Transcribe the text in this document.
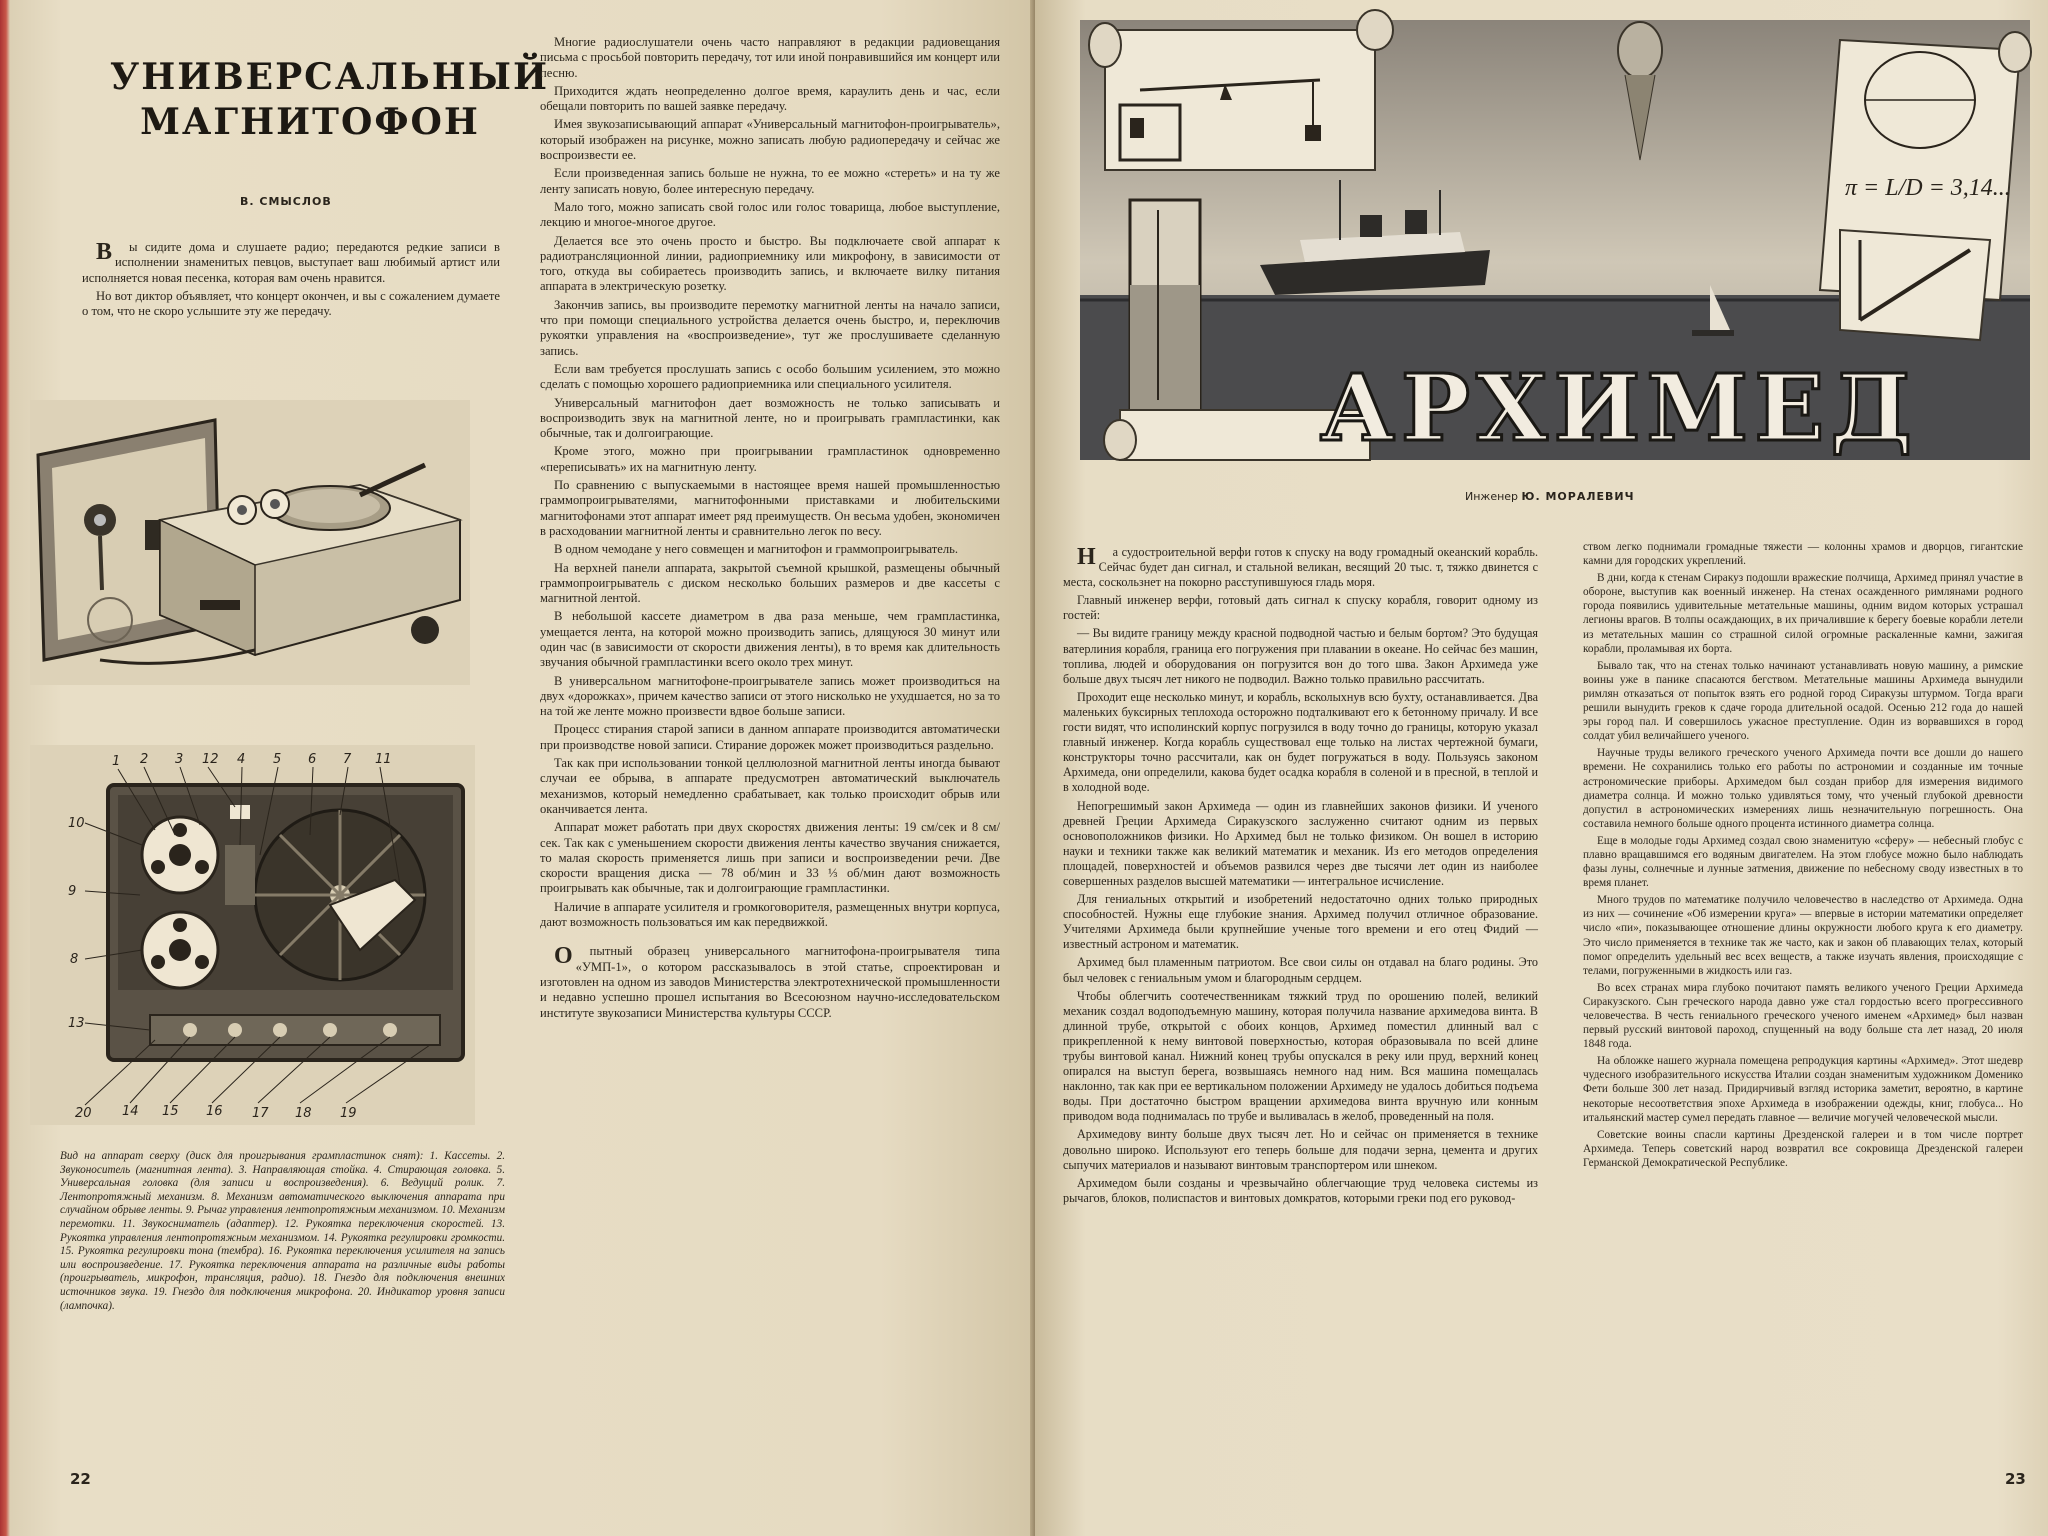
УНИВЕРСАЛЬНЫЙ
МАГНИТОФОН
В. СМЫСЛОВ

Вы сидите дома и слушаете радио; передаются редкие записи в исполнении знаменитых певцов, выступает ваш любимый артист или исполняется новая песенка, которая вам очень нравится.

Но вот диктор объявляет, что концерт окончен, и вы с сожалением думаете о том, что не скоро услышите эту же передачу.

1 2 3 12 4 5 6 7 11
10
9
8
13
20 14 15 16 17 18 19
Вид на аппарат сверху (диск для проигрывания грампластинок снят): 1. Кассеты. 2. Звуконоситель (магнитная лента). 3. Направляющая стойка. 4. Стирающая головка. 5. Универсальная головка (для записи и воспроизведения). 6. Ведущий ролик. 7. Лентопротяжный механизм. 8. Механизм автоматического выключения аппарата при случайном обрыве ленты. 9. Рычаг управления лентопротяжным механизмом. 10. Механизм перемотки. 11. Звукосниматель (адаптер). 12. Рукоятка переключения скоростей. 13. Рукоятка управления лентопротяжным механизмом. 14. Рукоятка регулировки громкости. 15. Рукоятка регулировки тона (тембра). 16. Рукоятка переключения усилителя на запись или воспроизведение. 17. Рукоятка переключения аппарата на различные виды работы (проигрыватель, микрофон, трансляция, радио). 18. Гнездо для подключения внешних источников звука. 19. Гнездо для подключения микрофона. 20. Индикатор уровня записи (лампочка).

Многие радиослушатели очень часто направляют в редакции радиовещания письма с просьбой повторить передачу, тот или иной понравившийся им концерт или песню.

Приходится ждать неопределенно долгое время, караулить день и час, если обещали повторить по вашей заявке передачу.

Имея звукозаписывающий аппарат «Универсальный магнитофон-проигрыватель», который изображен на рисунке, можно записать любую радиопередачу и сейчас же воспроизвести ее.

Если произведенная запись больше не нужна, то ее можно «стереть» и на ту же ленту записать новую, более интересную передачу.

Мало того, можно записать свой голос или голос товарища, любое выступление, лекцию и многое-многое другое.

Делается все это очень просто и быстро. Вы подключаете свой аппарат к радиотрансляционной линии, радиоприемнику или микрофону, в зависимости от того, откуда вы собираетесь производить запись, и включаете вилку питания аппарата в электрическую розетку.

Закончив запись, вы производите перемотку магнитной ленты на начало записи, что при помощи специального устройства делается очень быстро, и, переключив рукоятки управления на «воспроизведение», тут же прослушиваете сделанную запись.

Если вам требуется прослушать запись с особо большим усилением, это можно сделать с помощью хорошего радиоприемника или специального усилителя.

Универсальный магнитофон дает возможность не только записывать и воспроизводить звук на магнитной ленте, но и проигрывать грампластинки, как обычные, так и долгоиграющие.

Кроме этого, можно при проигрывании грампластинок одновременно «переписывать» их на магнитную ленту.

По сравнению с выпускаемыми в настоящее время нашей промышленностью граммопроигрывателями, магнитофонными приставками и любительскими магнитофонами этот аппарат имеет ряд преимуществ. Он весьма удобен, экономичен в расходовании магнитной ленты и сравнительно легок по весу.

В одном чемодане у него совмещен и магнитофон и граммопроигрыватель.

На верхней панели аппарата, закрытой съемной крышкой, размещены обычный граммопроигрыватель с диском несколько больших размеров и две кассеты с магнитной лентой.

В небольшой кассете диаметром в два раза меньше, чем грампластинка, умещается лента, на которой можно производить запись, длящуюся 30 минут или один час (в зависимости от скорости движения ленты), в то время как длительность звучания обычной грампластинки всего около трех минут.

В универсальном магнитофоне-проигрывателе запись может производиться на двух «дорожках», причем качество записи от этого нисколько не ухудшается, но за то на той же ленте можно произвести вдвое больше записи.

Процесс стирания старой записи в данном аппарате производится автоматически при производстве новой записи. Стирание дорожек может производиться раздельно.

Так как при использовании тонкой целлюлозной магнитной ленты иногда бывают случаи ее обрыва, в аппарате предусмотрен автоматический выключатель механизмов, который немедленно срабатывает, как только происходит обрыв или оканчивается лента.

Аппарат может работать при двух скоростях движения ленты: 19 см/сек и 8 см/сек. Так как с уменьшением скорости движения ленты качество звучания снижается, то малая скорость применяется лишь при записи и воспроизведении речи. Две скорости вращения диска — 78 об/мин и 33 ⅓ об/мин дают возможность проигрывать как обычные, так и долгоиграющие грампластинки.

Наличие в аппарате усилителя и громкоговорителя, размещенных внутри корпуса, дают возможность пользоваться им как передвижкой.

Опытный образец универсального магнитофона-проигрывателя типа «УМП-1», о котором рассказывалось в этой статье, спроектирован и изготовлен на одном из заводов Министерства электротехнической промышленности и недавно успешно прошел испытания во Всесоюзном научно-исследовательском институте звукозаписи Министерства культуры СССР.

22
π = L/D = 3,14...
АРХИМЕД
Инженер Ю. МОРАЛЕВИЧ

На судостроительной верфи готов к спуску на воду громадный океанский корабль. Сейчас будет дан сигнал, и стальной великан, весящий 20 тыс. т, тяжко двинется с места, соскользнет на покорно расступившуюся гладь моря.

Главный инженер верфи, готовый дать сигнал к спуску корабля, говорит одному из гостей:

— Вы видите границу между красной подводной частью и белым бортом? Это будущая ватерлиния корабля, граница его погружения при плавании в океане. Но сейчас без машин, топлива, людей и оборудования он погрузится вон до того шва. Закон Архимеда уже больше двух тысяч лет никого не подводил. Важно только правильно рассчитать.

Проходит еще несколько минут, и корабль, всколыхнув всю бухту, останавливается. Два маленьких буксирных теплохода осторожно подталкивают его к бетонному причалу. И все гости видят, что исполинский корпус погрузился в воду точно до границы, которую указал главный инженер. Когда корабль существовал еще только на листах чертежной бумаги, конструкторы точно рассчитали, как он будет погружаться в воду. Пользуясь законом Архимеда, они определили, какова будет осадка корабля в соленой и в пресной, в теплой и в холодной воде.

Непогрешимый закон Архимеда — один из главнейших законов физики. И ученого древней Греции Архимеда Сиракузского заслуженно считают одним из первых основоположников физики. Но Архимед был не только физиком. Он вошел в историю науки и техники также как великий математик и механик. Из его методов определения площадей, поверхностей и объемов развился через две тысячи лет один из наиболее совершенных разделов высшей математики — интегральное исчисление.

Для гениальных открытий и изобретений недостаточно одних только природных способностей. Нужны еще глубокие знания. Архимед получил отличное образование. Учителями Архимеда были крупнейшие ученые того времени и его отец Фидий — известный астроном и математик.

Архимед был пламенным патриотом. Все свои силы он отдавал на благо родины. Это был человек с гениальным умом и благородным сердцем.

Чтобы облегчить соотечественникам тяжкий труд по орошению полей, великий механик создал водоподъемную машину, которая получила название архимедова винта. В длинной трубе, открытой с обоих концов, Архимед поместил длинный вал с прикрепленной к нему винтовой поверхностью, которая образовывала по всей длине трубы винтовой канал. Нижний конец трубы опускался в реку или пруд, верхний конец опирался на выступ берега, возвышаясь немного над ним. Вся машина помещалась наклонно, так как при ее вертикальном положении Архимеду не удалось добиться подъема воды. При достаточно быстром вращении архимедова винта вручную или конным приводом вода поднималась по трубе и выливалась в желоб, проведенный на поля.

Архимедову винту больше двух тысяч лет. Но и сейчас он применяется в технике довольно широко. Используют его теперь больше для подачи зерна, цемента и других сыпучих материалов и называют винтовым транспортером или шнеком.

Архимедом были созданы и чрезвычайно облегчающие труд человека системы из рычагов, блоков, полиспастов и винтовых домкратов, которыми греки под его руковод-

ством легко поднимали громадные тяжести — колонны храмов и дворцов, гигантские камни для городских укреплений.

В дни, когда к стенам Сиракуз подошли вражеские полчища, Архимед принял участие в обороне, выступив как военный инженер. На стенах осажденного римлянами родного города появились удивительные метательные машины, одним видом которых устрашал легионы врагов. В толпы осаждающих, в их причалившие к берегу боевые корабли летели из метательных машин со страшной силой огромные раскаленные камни, зажигая корабли, проламывая их борта.

Бывало так, что на стенах только начинают устанавливать новую машину, а римские воины уже в панике спасаются бегством. Метательные машины Архимеда вынудили римлян отказаться от попыток взять его родной город Сиракузы штурмом. Тогда враги решили вынудить греков к сдаче города длительной осадой. Осенью 212 года до нашей эры город пал. И совершилось ужасное преступление. Один из ворвавшихся в город солдат убил величайшего ученого.

Научные труды великого греческого ученого Архимеда почти все дошли до нашего времени. Не сохранились только его работы по астрономии и созданные им точные астрономические приборы. Архимедом был создан прибор для измерения видимого диаметра солнца. И можно только удивляться тому, что ученый глубокой древности допустил в астрономических измерениях лишь незначительную погрешность. Она составила немного больше одного процента истинного диаметра солнца.

Еще в молодые годы Архимед создал свою знаменитую «сферу» — небесный глобус с плавно вращавшимся его водяным двигателем. На этом глобусе можно было наблюдать фазы луны, солнечные и лунные затмения, движение по небесному своду известных в то время планет.

Много трудов по математике получило человечество в наследство от Архимеда. Одна из них — сочинение «Об измерении круга» — впервые в истории математики определяет число «пи», показывающее отношение длины окружности любого круга к его диаметру. Это число применяется в технике так же часто, как и закон об плавающих телах, который помог определить удельный вес всех веществ, а также изучать явления, происходящие с телами, погруженными в жидкость или газ.

Во всех странах мира глубоко почитают память великого ученого Греции Архимеда Сиракузского. Сын греческого народа давно уже стал гордостью всего прогрессивного человечества. В честь гениального греческого ученого именем «Архимед» был назван первый русский винтовой пароход, спущенный на воду больше ста лет назад, 20 июля 1848 года.

На обложке нашего журнала помещена репродукция картины «Архимед». Этот шедевр чудесного изобразительного искусства Италии создан знаменитым художником Доменико Фети больше 300 лет назад. Придирчивый взгляд историка заметит, вероятно, в картине некоторые несоответствия эпохе Архимеда в изображении одежды, книг, глобуса... Но итальянский мастер сумел передать главное — величие могучей человеческой мысли.

Советские воины спасли картины Дрезденской галереи и в том числе портрет Архимеда. Теперь советский народ возвратил все сокровища Дрезденской галереи Германской Демократической Республике.

23
